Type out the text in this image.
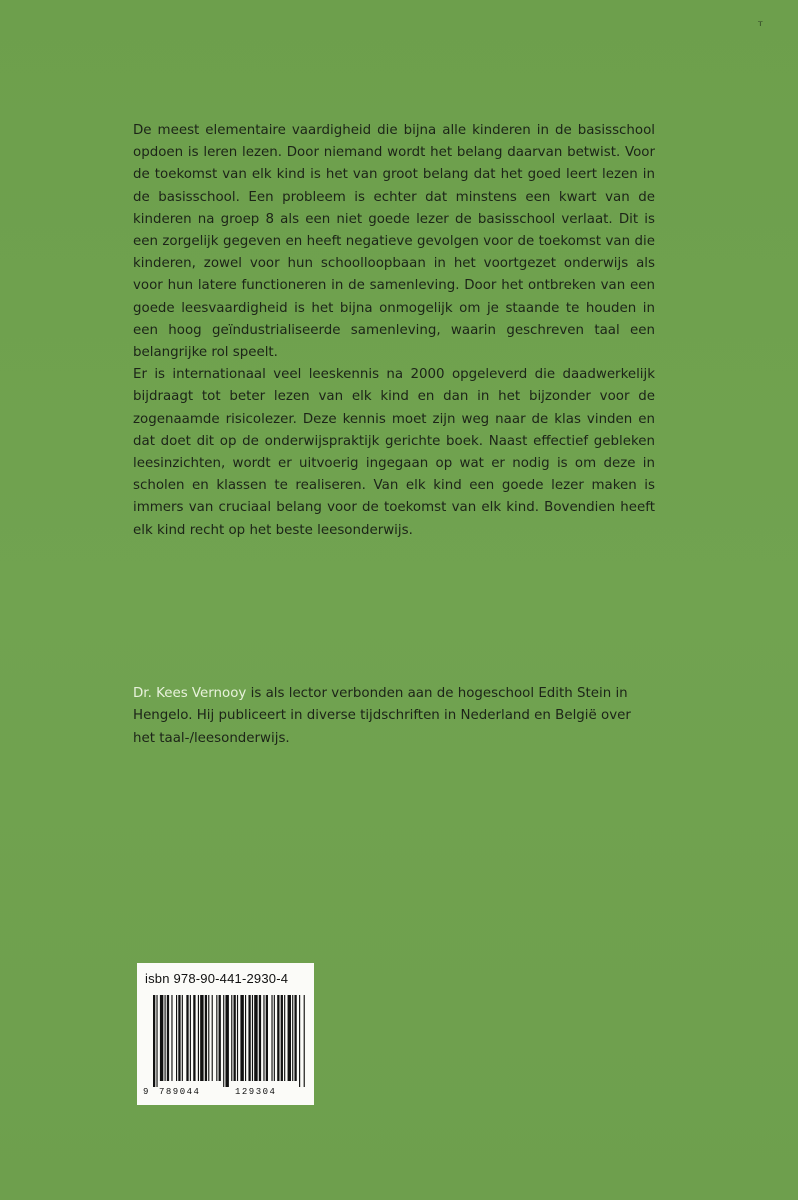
ᵀ

De meest elementaire vaardigheid die bijna alle kinderen in de basisschool opdoen is leren lezen. Door niemand wordt het belang daarvan betwist. Voor de toekomst van elk kind is het van groot belang dat het goed leert lezen in de basisschool. Een probleem is echter dat minstens een kwart van de kinderen na groep 8 als een niet goede lezer de basisschool verlaat. Dit is een zorgelijk gegeven en heeft negatieve gevolgen voor de toekomst van die kinderen, zowel voor hun schoolloopbaan in het voortgezet onderwijs als voor hun latere functioneren in de samenleving. Door het ontbreken van een goede leesvaardigheid is het bijna onmogelijk om je staande te houden in een hoog geïndustrialiseerde samenleving, waarin geschreven taal een belangrijke rol speelt.

Er is internationaal veel leeskennis na 2000 opgeleverd die daadwerkelijk bijdraagt tot beter lezen van elk kind en dan in het bijzonder voor de zogenaamde risicolezer. Deze kennis moet zijn weg naar de klas vinden en dat doet dit op de onderwijspraktijk gerichte boek. Naast effectief gebleken leesinzichten, wordt er uitvoerig ingegaan op wat er nodig is om deze in scholen en klassen te realiseren. Van elk kind een goede lezer maken is immers van cruciaal belang voor de toekomst van elk kind. Bovendien heeft elk kind recht op het beste leesonderwijs.

Dr. Kees Vernooy is als lector verbonden aan de hogeschool Edith Stein in Hengelo. Hij publiceert in diverse tijdschriften in Nederland en België over het taal-/leesonderwijs.

isbn 978-90-441-2930-4
9 789044	129304
